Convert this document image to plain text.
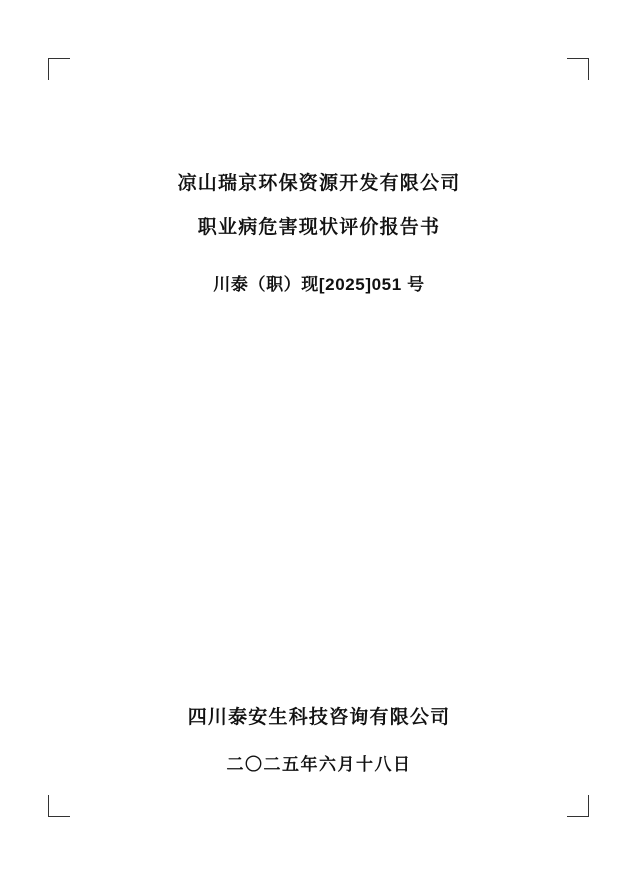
凉山瑞京环保资源开发有限公司
职业病危害现状评价报告书
川泰（职）现[2025]051 号
四川泰安生科技咨询有限公司
二〇二五年六月十八日
